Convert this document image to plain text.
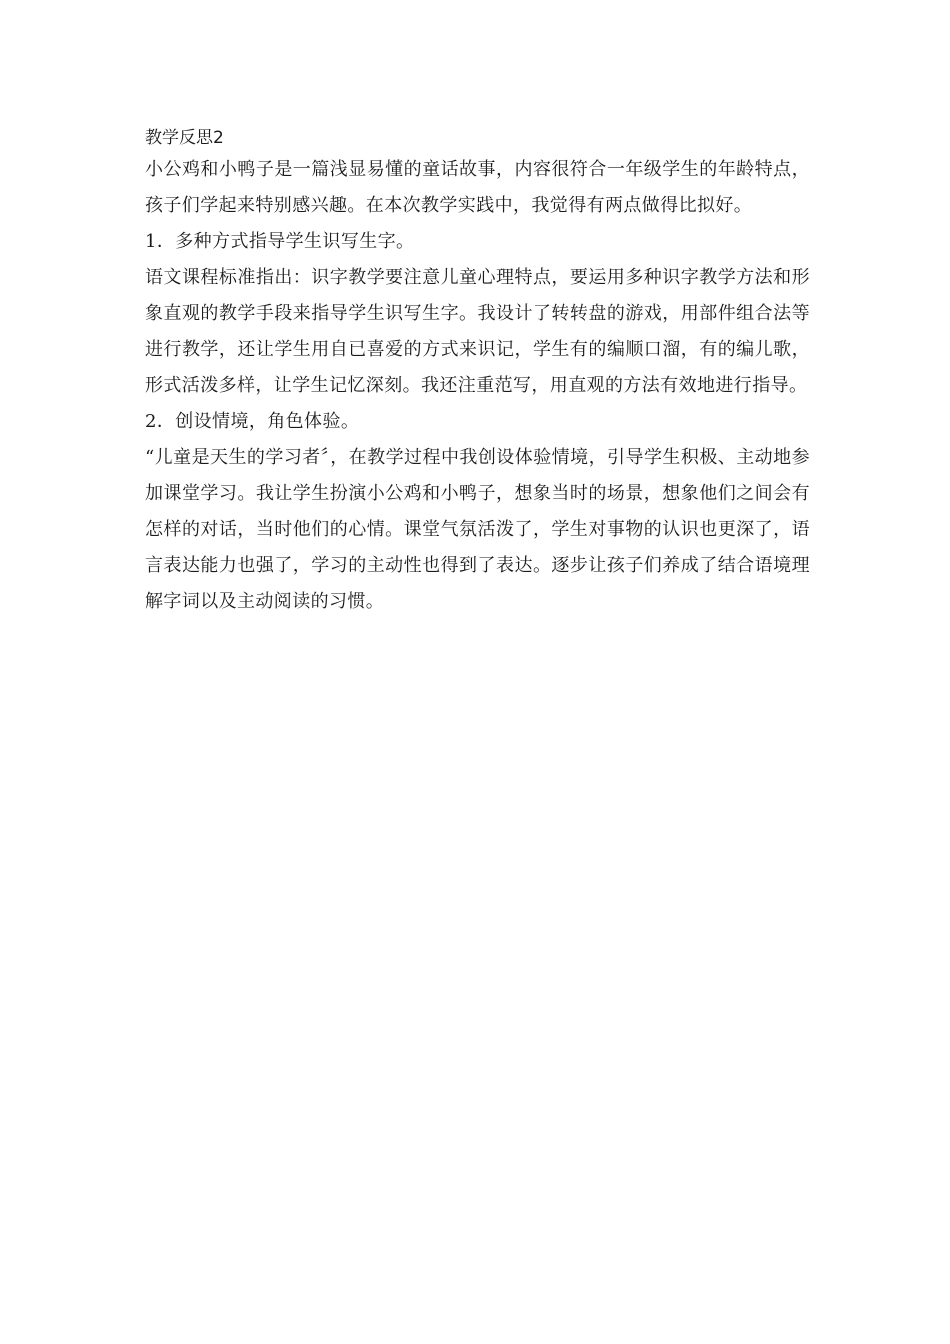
教学反思2

小公鸡和小鸭子是一篇浅显易懂的童话故事，内容很符合一年级学生的年龄特点，孩子们学起来特别感兴趣。在本次教学实践中，我觉得有两点做得比拟好。

1．多种方式指导学生识写生字。

语文课程标准指出：识字教学要注意儿童心理特点，要运用多种识字教学方法和形象直观的教学手段来指导学生识写生字。我设计了转转盘的游戏，用部件组合法等进行教学，还让学生用自已喜爱的方式来识记，学生有的编顺口溜，有的编儿歌，形式活泼多样，让学生记忆深刻。我还注重范写，用直观的方法有效地进行指导。

2．创设情境，角色体验。

“儿童是天生的学习者〞，在教学过程中我创设体验情境，引导学生积极、主动地参加课堂学习。我让学生扮演小公鸡和小鸭子，想象当时的场景，想象他们之间会有怎样的对话，当时他们的心情。课堂气氛活泼了，学生对事物的认识也更深了，语言表达能力也强了，学习的主动性也得到了表达。逐步让孩子们养成了结合语境理解字词以及主动阅读的习惯。
